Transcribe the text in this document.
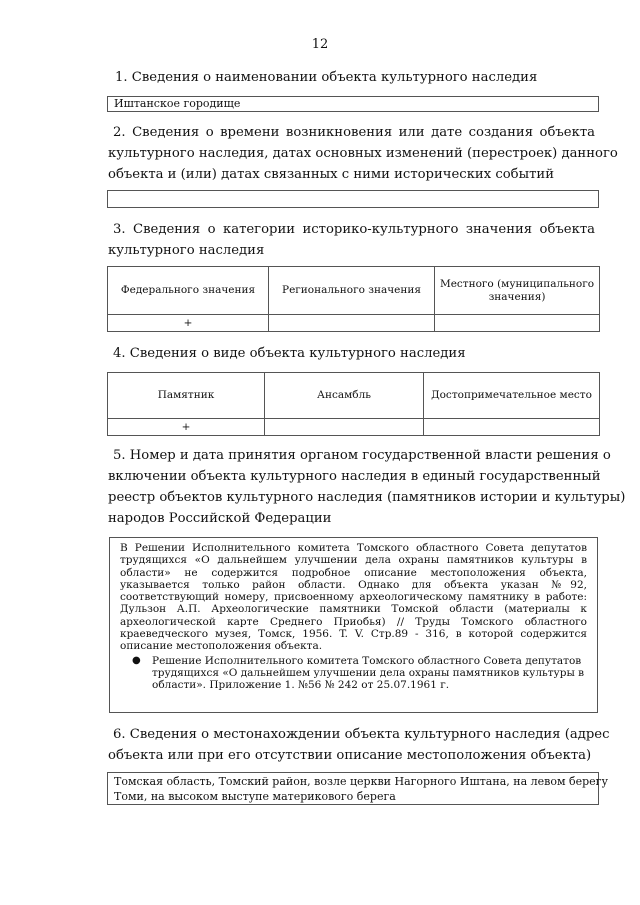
12
1. Сведения о наименовании объекта культурного наследия
Иштанское городище
2. Сведения о времени возникновения или дате создания объекта
культурного наследия, датах основных изменений (перестроек) данного
объекта и (или) датах связанных с ними исторических событий
3. Сведения о категории историко-культурного значения объекта
культурного наследия
Федерального значения	Регионального значения	Местного (муниципального значения)
+		
4. Сведения о виде объекта культурного наследия
Памятник	Ансамбль	Достопримечательное место
+		
5. Номер и дата принятия органом государственной власти решения о
включении объекта культурного наследия в единый государственный
реестр объектов культурного наследия (памятников истории и культуры)
народов Российской Федерации
В Решении Исполнительного комитета Томского областного Совета депутатов
трудящихся «О дальнейшем улучшении дела охраны памятников культуры в
области» не содержится подробное описание местоположения объекта,
указывается только район области. Однако для объекта указан №92,
соответствующий номеру, присвоенному археологическому памятнику в работе:
Дульзон А.П. Археологические памятники Томской области (материалы к
археологической карте Среднего Приобья) // Труды Томского областного
краеведческого музея, Томск, 1956. T. V. Стр.89 - 316, в которой содержится
описание местоположения объекта.
● Решение Исполнительного комитета Томского областного Совета депутатов
трудящихся «О дальнейшем улучшении дела охраны памятников культуры в
области». Приложение 1. №56 № 242 от 25.07.1961 г.
6. Сведения о местонахождении объекта культурного наследия (адрес
объекта или при его отсутствии описание местоположения объекта)
Томская область, Томский район, возле церкви Нагорного Иштана, на левом берегу
Томи, на высоком выступе материкового берега
